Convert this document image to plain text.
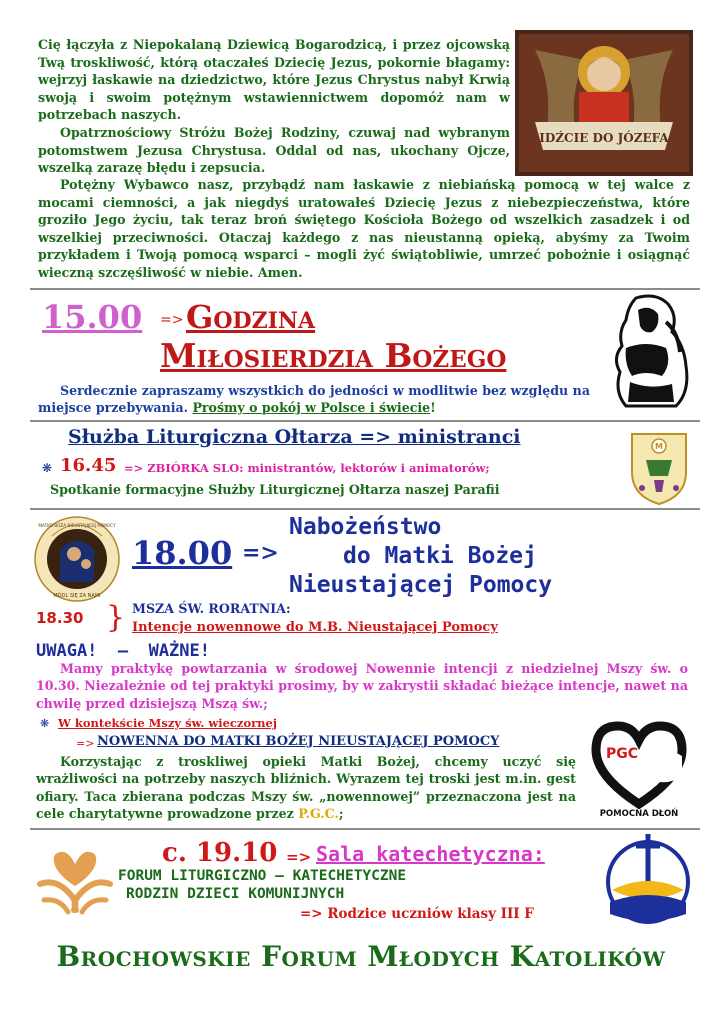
Cię łączyła z Niepokalaną Dziewicą Bogarodzicą, i przez ojcowską Twą troskliwość, którą otaczałeś Dziecię Jezus, pokornie błagamy: wejrzyj łaskawie na dziedzictwo, które Jezus Chrystus nabył Krwią swoją i swoim potężnym wstawiennictwem dopomóż nam w potrzebach naszych.

Opatrznościowy Stróżu Bożej Rodziny, czuwaj nad wybranym potomstwem Jezusa Chrystusa. Oddal od nas, ukochany Ojcze, wszelką zarazę błędu i zepsucia.

IDŹCIE DO JÓZEFA

Potężny Wybawco nasz, przybądź nam łaskawie z niebiańską pomocą w tej walce z mocami ciemności, a jak niegdyś uratowałeś Dziecię Jezus z niebezpieczeństwa, które groziło Jego życiu, tak teraz broń świętego Kościoła Bożego od wszelkich zasadzek i od wszelkiej przeciwności. Otaczaj każdego z nas nieustanną opieką, abyśmy za Twoim przykładem i Twoją pomocą wsparci – mogli żyć świątobliwie, umrzeć pobożnie i osiągnąć wieczną szczęśliwość w niebie. Amen.

15.00 => Godzina
Miłosierdzia Bożego
Serdecznie zapraszamy wszystkich do jedności w modlitwie bez względu na miejsce przebywania. Prośmy o pokój w Polsce i świecie!
Służba Liturgiczna Ołtarza => ministranci
❋ 16.45 => ZBIÓRKA SLO: ministrantów, lektorów i animatorów;
Spotkanie formacyjne Służby Liturgicznej Ołtarza naszej Parafii
M
MATKO BOŻA NIEUSTAJĄCEJ POMOCY
MÓDL SIĘ ZA NAMI
18.00 =>
Nabożeństwo
do Matki Bożej
Nieustającej Pomocy
18.30 } MSZA ŚW. RORATNIA:
Intencje nowennowe do M.B. Nieustającej Pomocy
UWAGA!  –  WAŻNE!
Mamy praktykę powtarzania w środowej Nowennie intencji z niedzielnej Mszy św. o 10.30. Niezależnie od tej praktyki prosimy, by w zakrystii składać bieżące intencje, nawet na chwilę przed dzisiejszą Mszą św.;
❋ W kontekście Mszy św. wieczornej
=> NOWENNA DO MATKI BOŻEJ NIEUSTAJĄCEJ POMOCY
Korzystając z troskliwej opieki Matki Bożej, chcemy uczyć się wrażliwości na potrzeby naszych bliźnich. Wyrazem tej troski jest m.in. gest ofiary. Taca zbierana podczas Mszy św. „nowennowej” przeznaczona jest na cele charytatywne prowadzone przez P.G.C.;
PGC
POMOCNA DŁOŃ
c. 19.10 => Sala katechetyczna:
FORUM LITURGICZNO – KATECHETYCZNE
RODZIN DZIECI KOMUNIJNYCH
=> Rodzice uczniów klasy III F
Brochowskie Forum Młodych Katolików
